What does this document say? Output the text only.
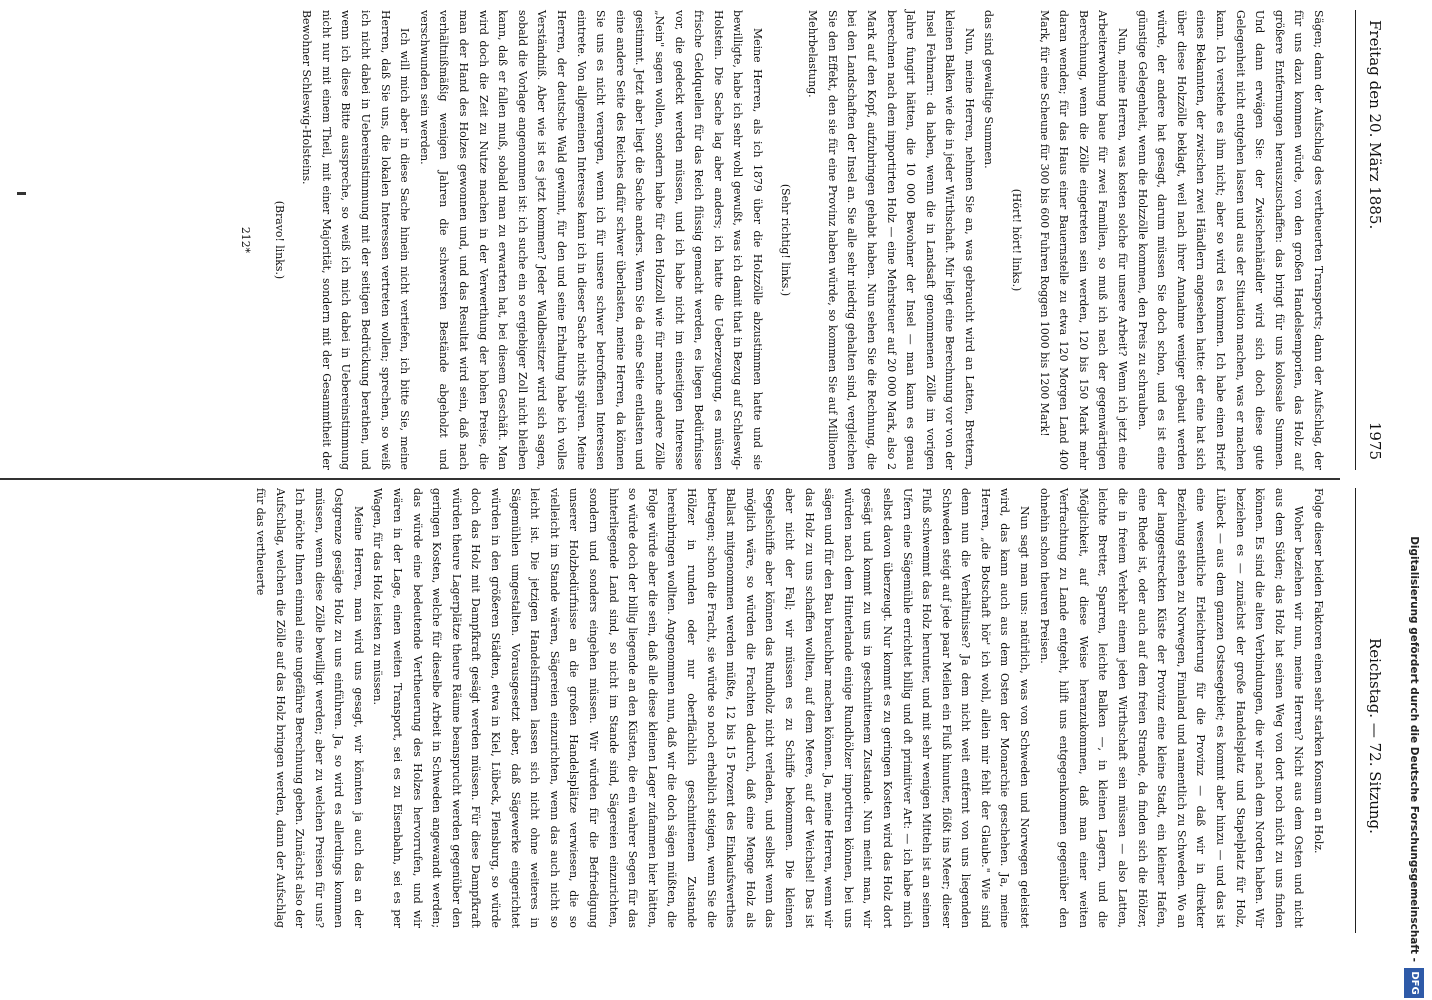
Digitalisierung gefördert durch die Deutsche Forschungsgemeinschaft -
DFG
Reichstag. — 72. Sitzung.
Freitag den 20. März 1885.
1975

Folge dieser beiden Faktoren einen sehr starken Konsum an Holz.

Woher beziehen wir nun, meine Herren? Nicht aus dem Osten und nicht aus dem Süden; das Holz hat seinen Weg von dort noch nicht zu uns finden können. Es sind die alten Verbindungen, die wir nach dem Norden haben. Wir beziehen es — zunächst der große Handelsplatz und Stapelplatz für Holz, Lübeck — aus dem ganzen Ostseegebiet; es kommt aber hinzu — und das ist eine wesentliche Erleichterung für die Provinz — daß wir in direkter Beziehung stehen zu Norwegen, Finnland und namentlich zu Schweden. Wo an der langgestreckten Küste der Provinz eine kleine Stadt, ein kleiner Hafen, eine Rhede ist, oder auch auf dem freien Strande, da finden sich die Hölzer, die in freiem Verkehr einem jeden Wirthschaft sein müssen — also Latten, leichte Bretter, Sparren, leichte Balken —, in kleinen Lagern, und die Möglichkeit, auf diese Weise heranzukommen, daß man einer weiten Verfrachtung zu Lande entgeht, hilft uns entgegenkommen gegenüber den ohnehin schon theuren Preisen.

Nun sagt man uns: natürlich, was von Schweden und Norwegen geleistet wird, das kann auch aus dem Osten der Monarchie geschehen. Ja, meine Herren, „die Botschaft hör' ich wohl, allein mir fehlt der Glaube." Wie sind denn nun die Verhältnisse? Ja dem nicht weit entfernt von uns liegenden Schweden steigt auf jede paar Meilen ein Fluß hinunter, flößt ins Meer; dieser Fluß schwemmt das Holz herunter, und mit sehr wenigen Mitteln ist an seinen Ufern eine Sägemühle errichtet billig und oft primitiver Art: — ich habe mich selbst davon überzeugt. Nur kommt es zu geringen Kosten wird das Holz dort gesägt und kommt zu uns in geschnittenem Zustande. Nun meint man, wir würden nach dem Hinterlande einige Rundhölzer importiren können, bei uns sägen und für den Bau brauchbar machen können. Ja, meine Herren, wenn wir das Holz zu uns schaffen wollten, auf dem Meere, auf der Weichsel! Das ist aber nicht der Fall; wir müssen es zu Schiffe bekommen. Die kleinen Segelschiffe aber können das Rundholz nicht verladen, und selbst wenn das möglich wäre, so würden die Frachten dadurch, daß eine Menge Holz als Ballast mitgenommen werden müßte, 12 bis 15 Prozent des Einkaufswerthes betragen; schon die Fracht, sie würde so noch erheblich steigen, wenn Sie die Hölzer in runden oder nur oberflächlich geschnittenem Zustande hereinbringen wollten. Angenommen nun, daß wir die doch sägen müßten, die Folge würde aber die sein, daß alle diese kleinen Lager zufammen hier hätten, so würde doch der billig liegende an den Küsten, die ein wahrer Segen für das hinterliegende Land sind, so nicht im Stande sind, Sägereien einzurichten, sondern und sonders eingehen müssen. Wir würden für die Befriedigung unserer Holzbedürfnisse an die großen Handelsplätze verwiesen, die so vielleicht im Stande wären, Sägereien einzurichten, wenn das auch nicht so leicht ist. Die jetzigen Handelsfirmen lassen sich nicht ohne weiteres in Sägemühlen umgestalten. Vorausgesetzt aber, daß Sägewerke eingerichtet würden in den größeren Städten, etwa in Kiel, Lübeck, Flensburg, so würde doch das Holz mit Dampfkraft gesägt werden müssen. Für diese Dampfkraft würden theure Lagerplätze theure Räume beansprucht werden gegenüber den geringen Kosten, welche für dieselbe Arbeit in Schweden angewandt werden; das würde eine bedeutende Vertheuerung des Holzes hervorrufen, und wir wären in der Lage, einen weiten Transport, sei es zu Eisenbahn, sei es per Wagen, für das Holz leisten zu müssen.

Meine Herren, man wird uns gesagt, wir könnten ja auch das an der Ostgrenze gesägte Holz zu uns einführen. Ja, so wird es allerdings kommen müssen, wenn diese Zölle bewilligt werden; aber zu welchen Preisen für uns? Ich möchte Ihnen einmal eine ungefähre Berechnung geben. Zunächst also der Aufschlag, welchen die Zölle auf das Holz bringen werden, dann der Aufschlag für das vertheuerte

Sägen; dann der Aufschlag des vertheuerten Transports; dann der Aufschlag, der für uns dazu kommen würde, von den großen Handelsemporien, das Holz auf größere Entfernungen herauszuschaffen: das bringt für uns kolossale Summen. Und dann erwägen Sie: der Zwischenhändler wird sich doch diese gute Gelegenheit nicht entgehen lassen und aus der Situation machen, was er machen kann. Ich verstehe es ihm nicht; aber so wird es kommen. Ich habe einen Brief eines Bekannten, der zwischen zwei Händlern angesehen hatte: der eine hat sich über diese Holzzölle beklagt, weil nach ihrer Annahme weniger gebaut werden würde, der andere hat gesagt, darum müssen Sie doch schon, und es ist eine günstige Gelegenheit, wenn die Holzzölle kommen, den Preis zu schrauben.

Nun, meine Herren, was kosten solche für unsere Arbeit? Wenn ich jetzt eine Arbeiterwohnung baue für zwei Familien, so muß ich nach der gegenwärtigen Berechnung, wenn die Zölle eingetreten sein werden, 120 bis 150 Mark mehr daran wenden; für das Haus einer Bauernstelle zu etwa 120 Morgen Land 400 Mark, für eine Scheune für 300 bis 600 Fuhren Roggen 1000 bis 1200 Mark!

(Hört! hört! links.)

das sind gewaltige Summen.

Nun, meine Herren, nehmen Sie an, was gebraucht wird an Latten, Brettern, kleinen Balken wie die in jeder Wirthschaft. Mir liegt eine Berechnung vor von der Insel Fehmarn: da haben, wenn die in Landsaft genommenen Zölle im vorigen Jahre fungirt hätten, die 10 000 Bewohner der Insel — man kann es genau berechnen nach dem importirten Holz — eine Mehrsteuer auf 20 000 Mark, also 2 Mark auf den Kopf, aufzubringen gehabt haben. Nun sehen Sie die Rechnung, die bei den Landschaften der Insel an. Sie alle sehr niedrig gehalten sind, vergleichen Sie den Effekt, den sie für eine Provinz haben würde, so kommen Sie auf Millionen Mehrbelastung.

(Sehr richtig! links.)

Meine Herren, als ich 1879 über die Holzzölle abzustimmen hatte und sie bewilligte, habe ich sehr wohl gewußt, was ich damit that in Bezug auf Schleswig-Holstein. Die Sache lag aber anders; ich hatte die Ueberzeugung, es müssen frische Geldquellen für das Reich flüssig gemacht werden, es liegen Bedürfnisse vor, die gedeckt werden müssen, und ich habe nicht im einseitigen Interesse „Nein" sagen wollen, sondern habe für den Holzzoll wie für manche andere Zölle gestimmt. Jetzt aber liegt die Sache anders. Wenn Sie da eine Seite entlasten und eine andere Seite des Reiches dafür schwer überlasten, meine Herren, da können Sie uns es nicht verargen, wenn ich für unsere schwer betroffenen Interessen eintrete. Von allgemeinen Interesse kann ich in dieser Sache nichts spüren. Meine Herren, der deutsche Wald gewinnt, für den und seine Erhaltung habe ich volles Verständniß. Aber wie ist es jetzt kommen? Jeder Waldbesitzer wird sich sagen, sobald die Vorlage angenommen ist: ich suche ein so ergiebiger Zoll nicht bleiben kann, daß er fallen muß, sobald man zu erwarten hat, bei diesem Geschäft. Man wird doch die Zeit zu Nutze machen in der Verwerthung der hohen Preise, die man der Hand des Holzes gewonnen und, und das Resultat wird sein, daß nach verhältnißmäßig wenigen Jahren die schwersten Bestände abgeholzt und verschwunden sein werden.

Ich will mich aber in diese Sache hinein nicht vertiefen, ich bitte Sie, meine Herren, daß Sie uns, die lokalen Interessen vertreten wollen; sprechen, so weiß ich nicht dabei in Uebereinstimmung mit der seitigen Bedrückung berathen, und wenn ich diese Bitte ausspreche, so weiß ich mich dabei in Uebereinstimmung nicht nur mit einem Theil, mit einer Majorität, sondern mit der Gesammtheit der Bewohner Schleswig-Holsteins.

(Bravo! links.)

212*
